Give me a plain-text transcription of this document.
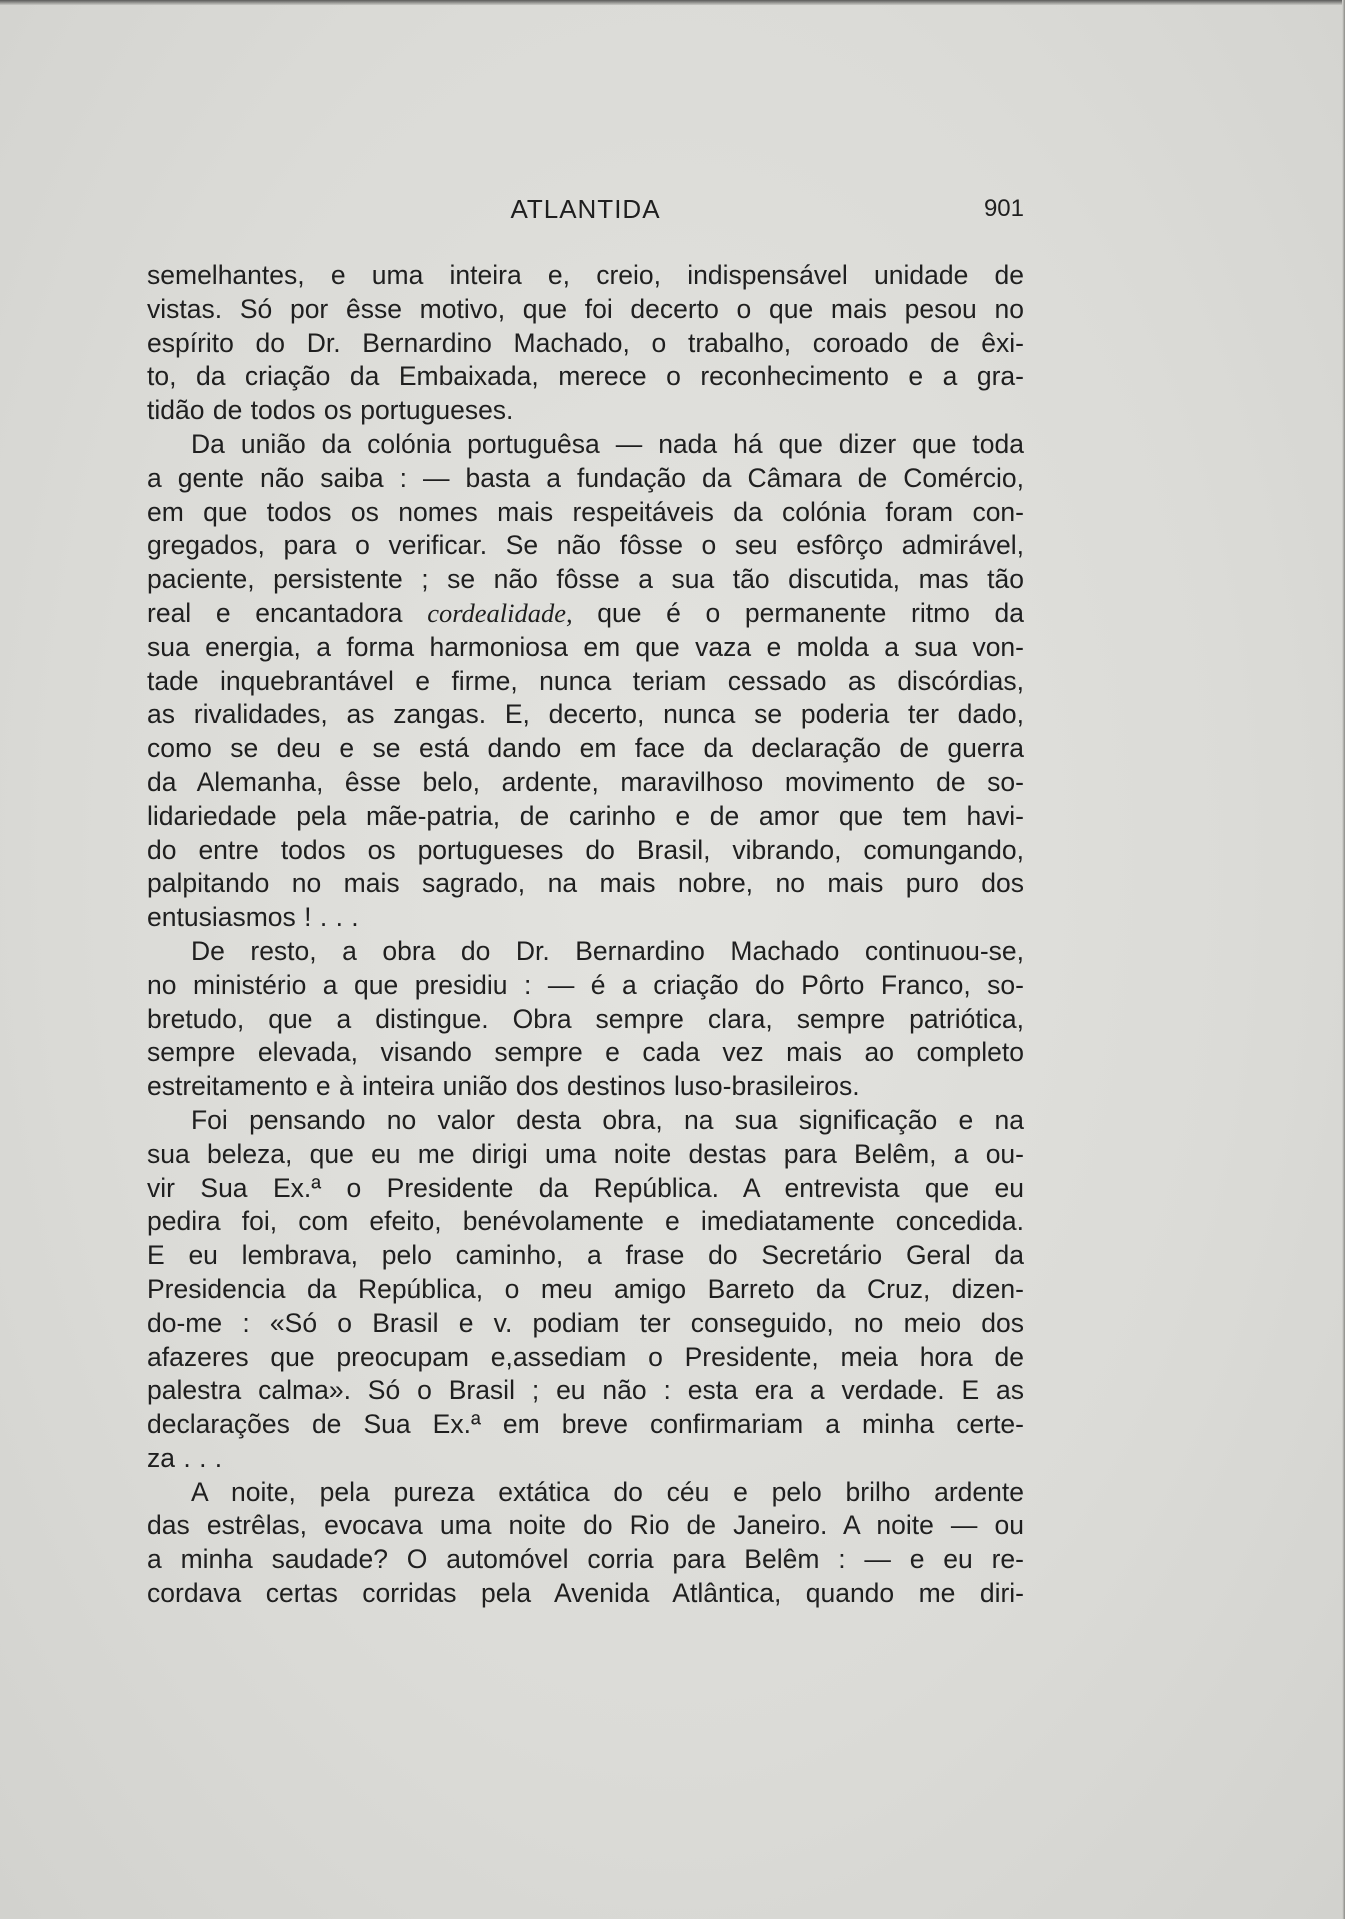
ATLANTIDA	901
semelhantes, e uma inteira e, creio, indispensável unidade de
vistas. Só por êsse motivo, que foi decerto o que mais pesou no
espírito do Dr. Bernardino Machado, o trabalho, coroado de êxi-
to, da criação da Embaixada, merece o reconhecimento e a gra-
tidão de todos os portugueses.
Da união da colónia portuguêsa — nada há que dizer que toda
a gente não saiba : — basta a fundação da Câmara de Comércio,
em que todos os nomes mais respeitáveis da colónia foram con-
gregados, para o verificar. Se não fôsse o seu esfôrço admirável,
paciente, persistente ; se não fôsse a sua tão discutida, mas tão
real e encantadora cordealidade, que é o permanente ritmo da
sua energia, a forma harmoniosa em que vaza e molda a sua von-
tade inquebrantável e firme, nunca teriam cessado as discórdias,
as rivalidades, as zangas. E, decerto, nunca se poderia ter dado,
como se deu e se está dando em face da declaração de guerra
da Alemanha, êsse belo, ardente, maravilhoso movimento de so-
lidariedade pela mãe-patria, de carinho e de amor que tem havi-
do entre todos os portugueses do Brasil, vibrando, comungando,
palpitando no mais sagrado, na mais nobre, no mais puro dos
entusiasmos ! . . .
De resto, a obra do Dr. Bernardino Machado continuou-se,
no ministério a que presidiu : — é a criação do Pôrto Franco, so-
bretudo, que a distingue. Obra sempre clara, sempre patriótica,
sempre elevada, visando sempre e cada vez mais ao completo
estreitamento e à inteira união dos destinos luso-brasileiros.
Foi pensando no valor desta obra, na sua significação e na
sua beleza, que eu me dirigi uma noite destas para Belêm, a ou-
vir Sua Ex.ª o Presidente da República. A entrevista que eu
pedira foi, com efeito, benévolamente e imediatamente concedida.
E eu lembrava, pelo caminho, a frase do Secretário Geral da
Presidencia da República, o meu amigo Barreto da Cruz, dizen-
do-me : «Só o Brasil e v. podiam ter conseguido, no meio dos
afazeres que preocupam e,assediam o Presidente, meia hora de
palestra calma». Só o Brasil ; eu não : esta era a verdade. E as
declarações de Sua Ex.ª em breve confirmariam a minha certe-
za . . .
A noite, pela pureza extática do céu e pelo brilho ardente
das estrêlas, evocava uma noite do Rio de Janeiro. A noite — ou
a minha saudade? O automóvel corria para Belêm : — e eu re-
cordava certas corridas pela Avenida Atlântica, quando me diri-
